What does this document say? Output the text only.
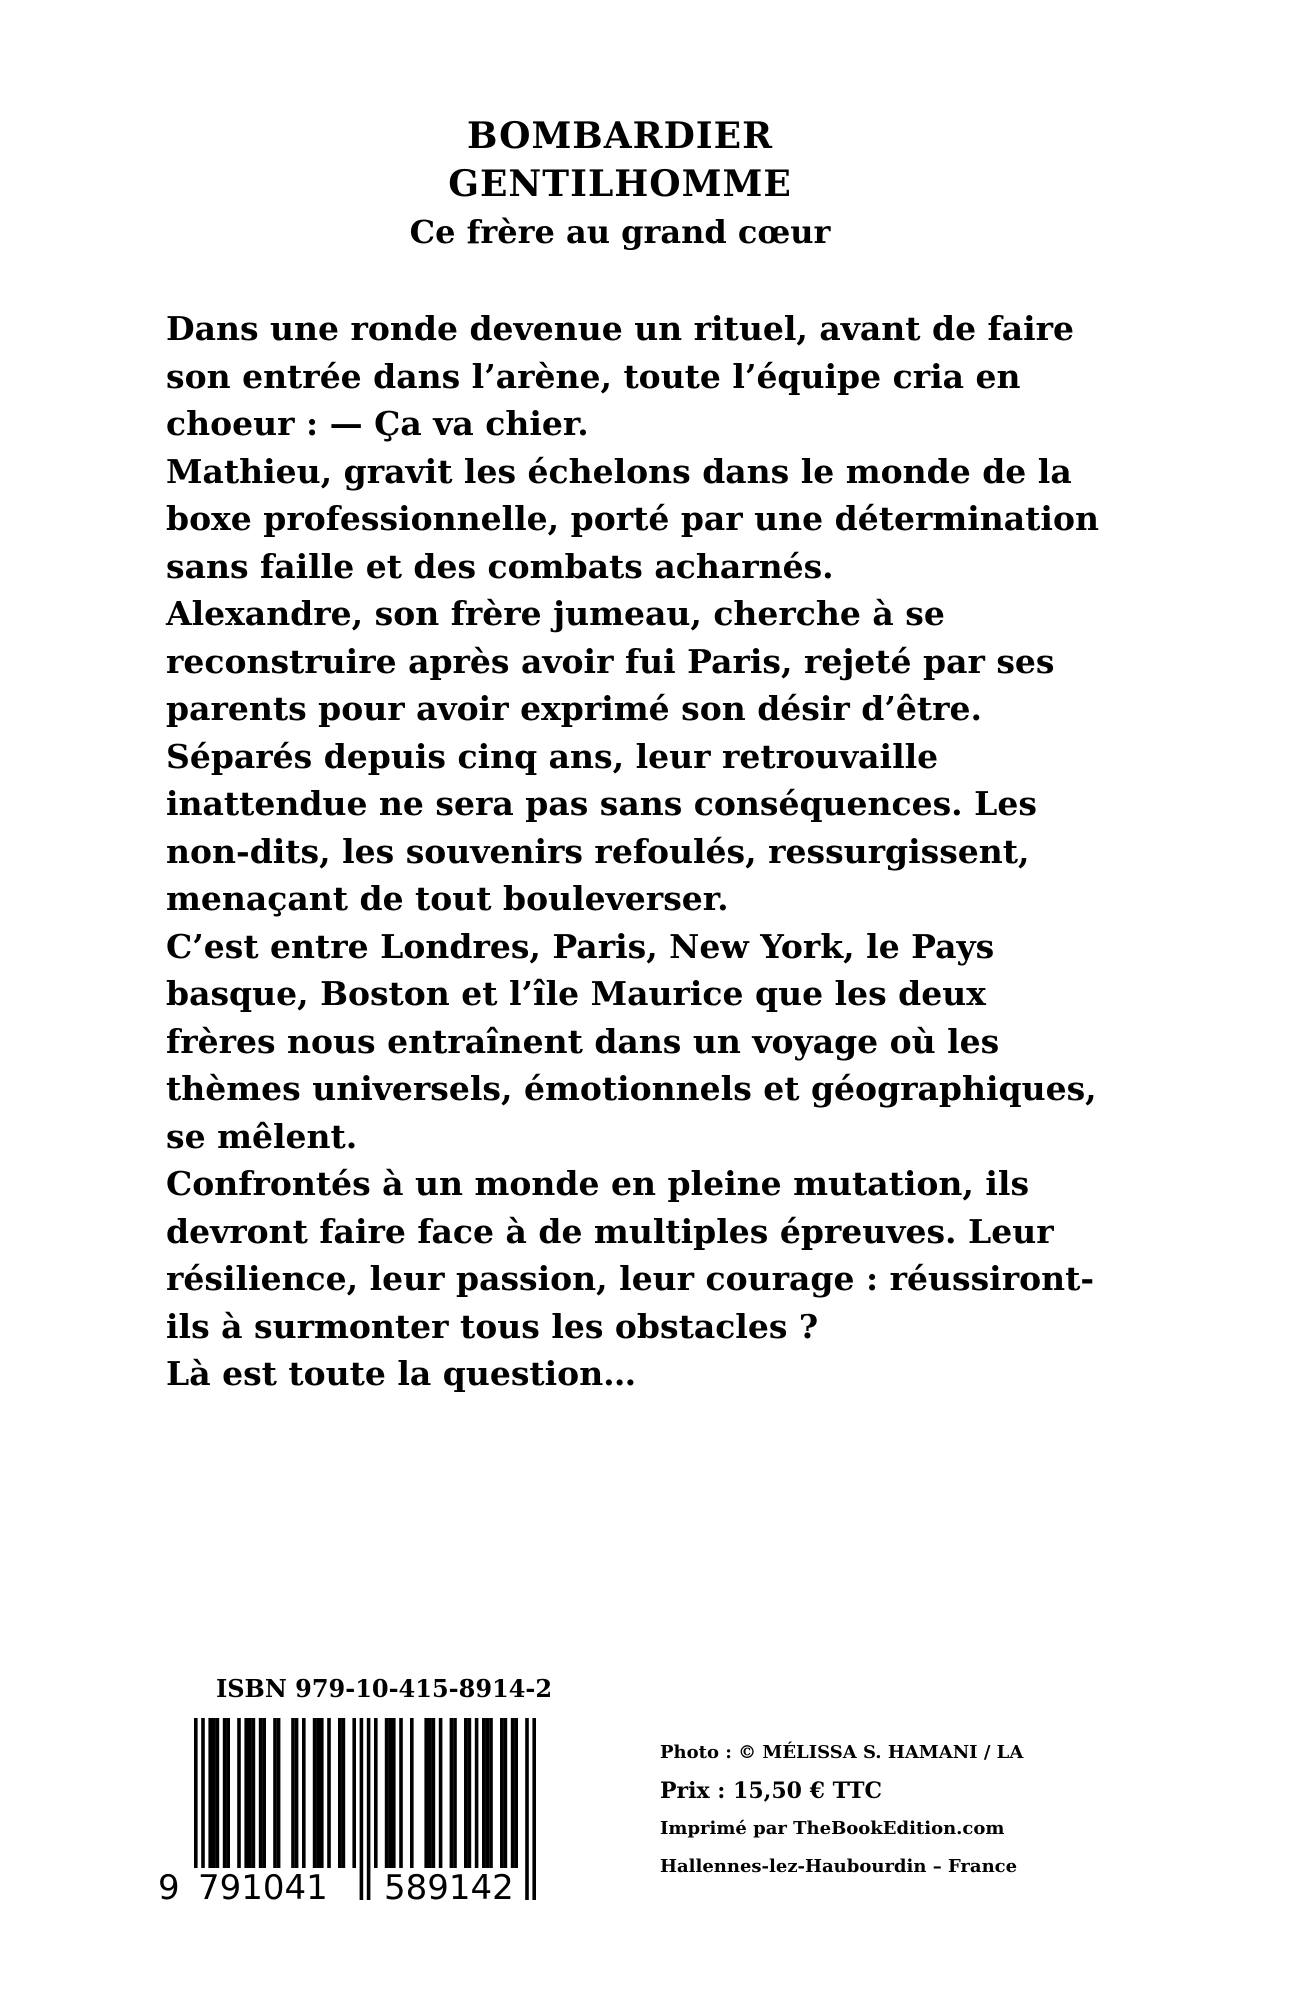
BOMBARDIER

GENTILHOMME

Ce frère au grand cœur

Dans une ronde devenue un rituel, avant de faire

son entrée dans l’arène, toute l’équipe cria en

choeur : — Ça va chier.

Mathieu, gravit les échelons dans le monde de la

boxe professionnelle, porté par une détermination

sans faille et des combats acharnés.

Alexandre, son frère jumeau, cherche à se

reconstruire après avoir fui Paris, rejeté par ses

parents pour avoir exprimé son désir d’être.

Séparés depuis cinq ans, leur retrouvaille

inattendue ne sera pas sans conséquences. Les

non-dits, les souvenirs refoulés, ressurgissent,

menaçant de tout bouleverser.

C’est entre Londres, Paris, New York, le Pays

basque, Boston et l’île Maurice que les deux

frères nous entraînent dans un voyage où les

thèmes universels, émotionnels et géographiques,

se mêlent.

Confrontés à un monde en pleine mutation, ils

devront faire face à de multiples épreuves. Leur

résilience, leur passion, leur courage : réussiront-

ils à surmonter tous les obstacles ?

Là est toute la question…

ISBN 979-10-415-8914-2
9 791041 589142

Photo : © MÉLISSA S. HAMANI / LA

Prix : 15,50 € TTC

Imprimé par TheBookEdition.com

Hallennes-lez-Haubourdin – France
